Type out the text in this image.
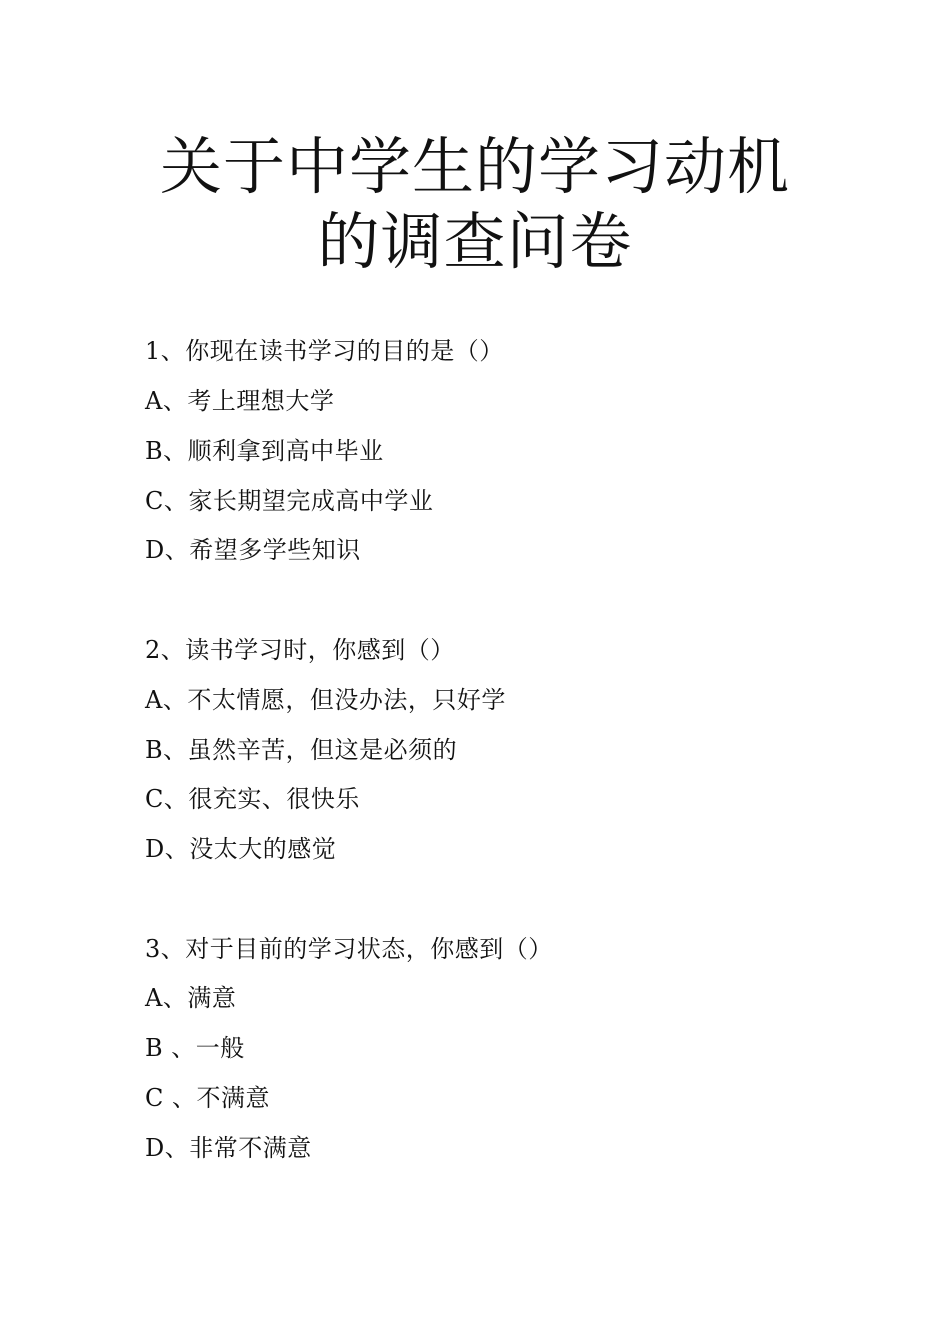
关于中学生的学习动机
的调查问卷
1、你现在读书学习的目的是（）
A、考上理想大学
B、顺利拿到高中毕业
C、家长期望完成高中学业
D、希望多学些知识
2、读书学习时，你感到（）
A、不太情愿，但没办法，只好学
B、虽然辛苦，但这是必须的
C、很充实、很快乐
D、没太大的感觉
3、对于目前的学习状态，你感到（）
A、满意
B 、一般
C 、不满意
D、非常不满意
